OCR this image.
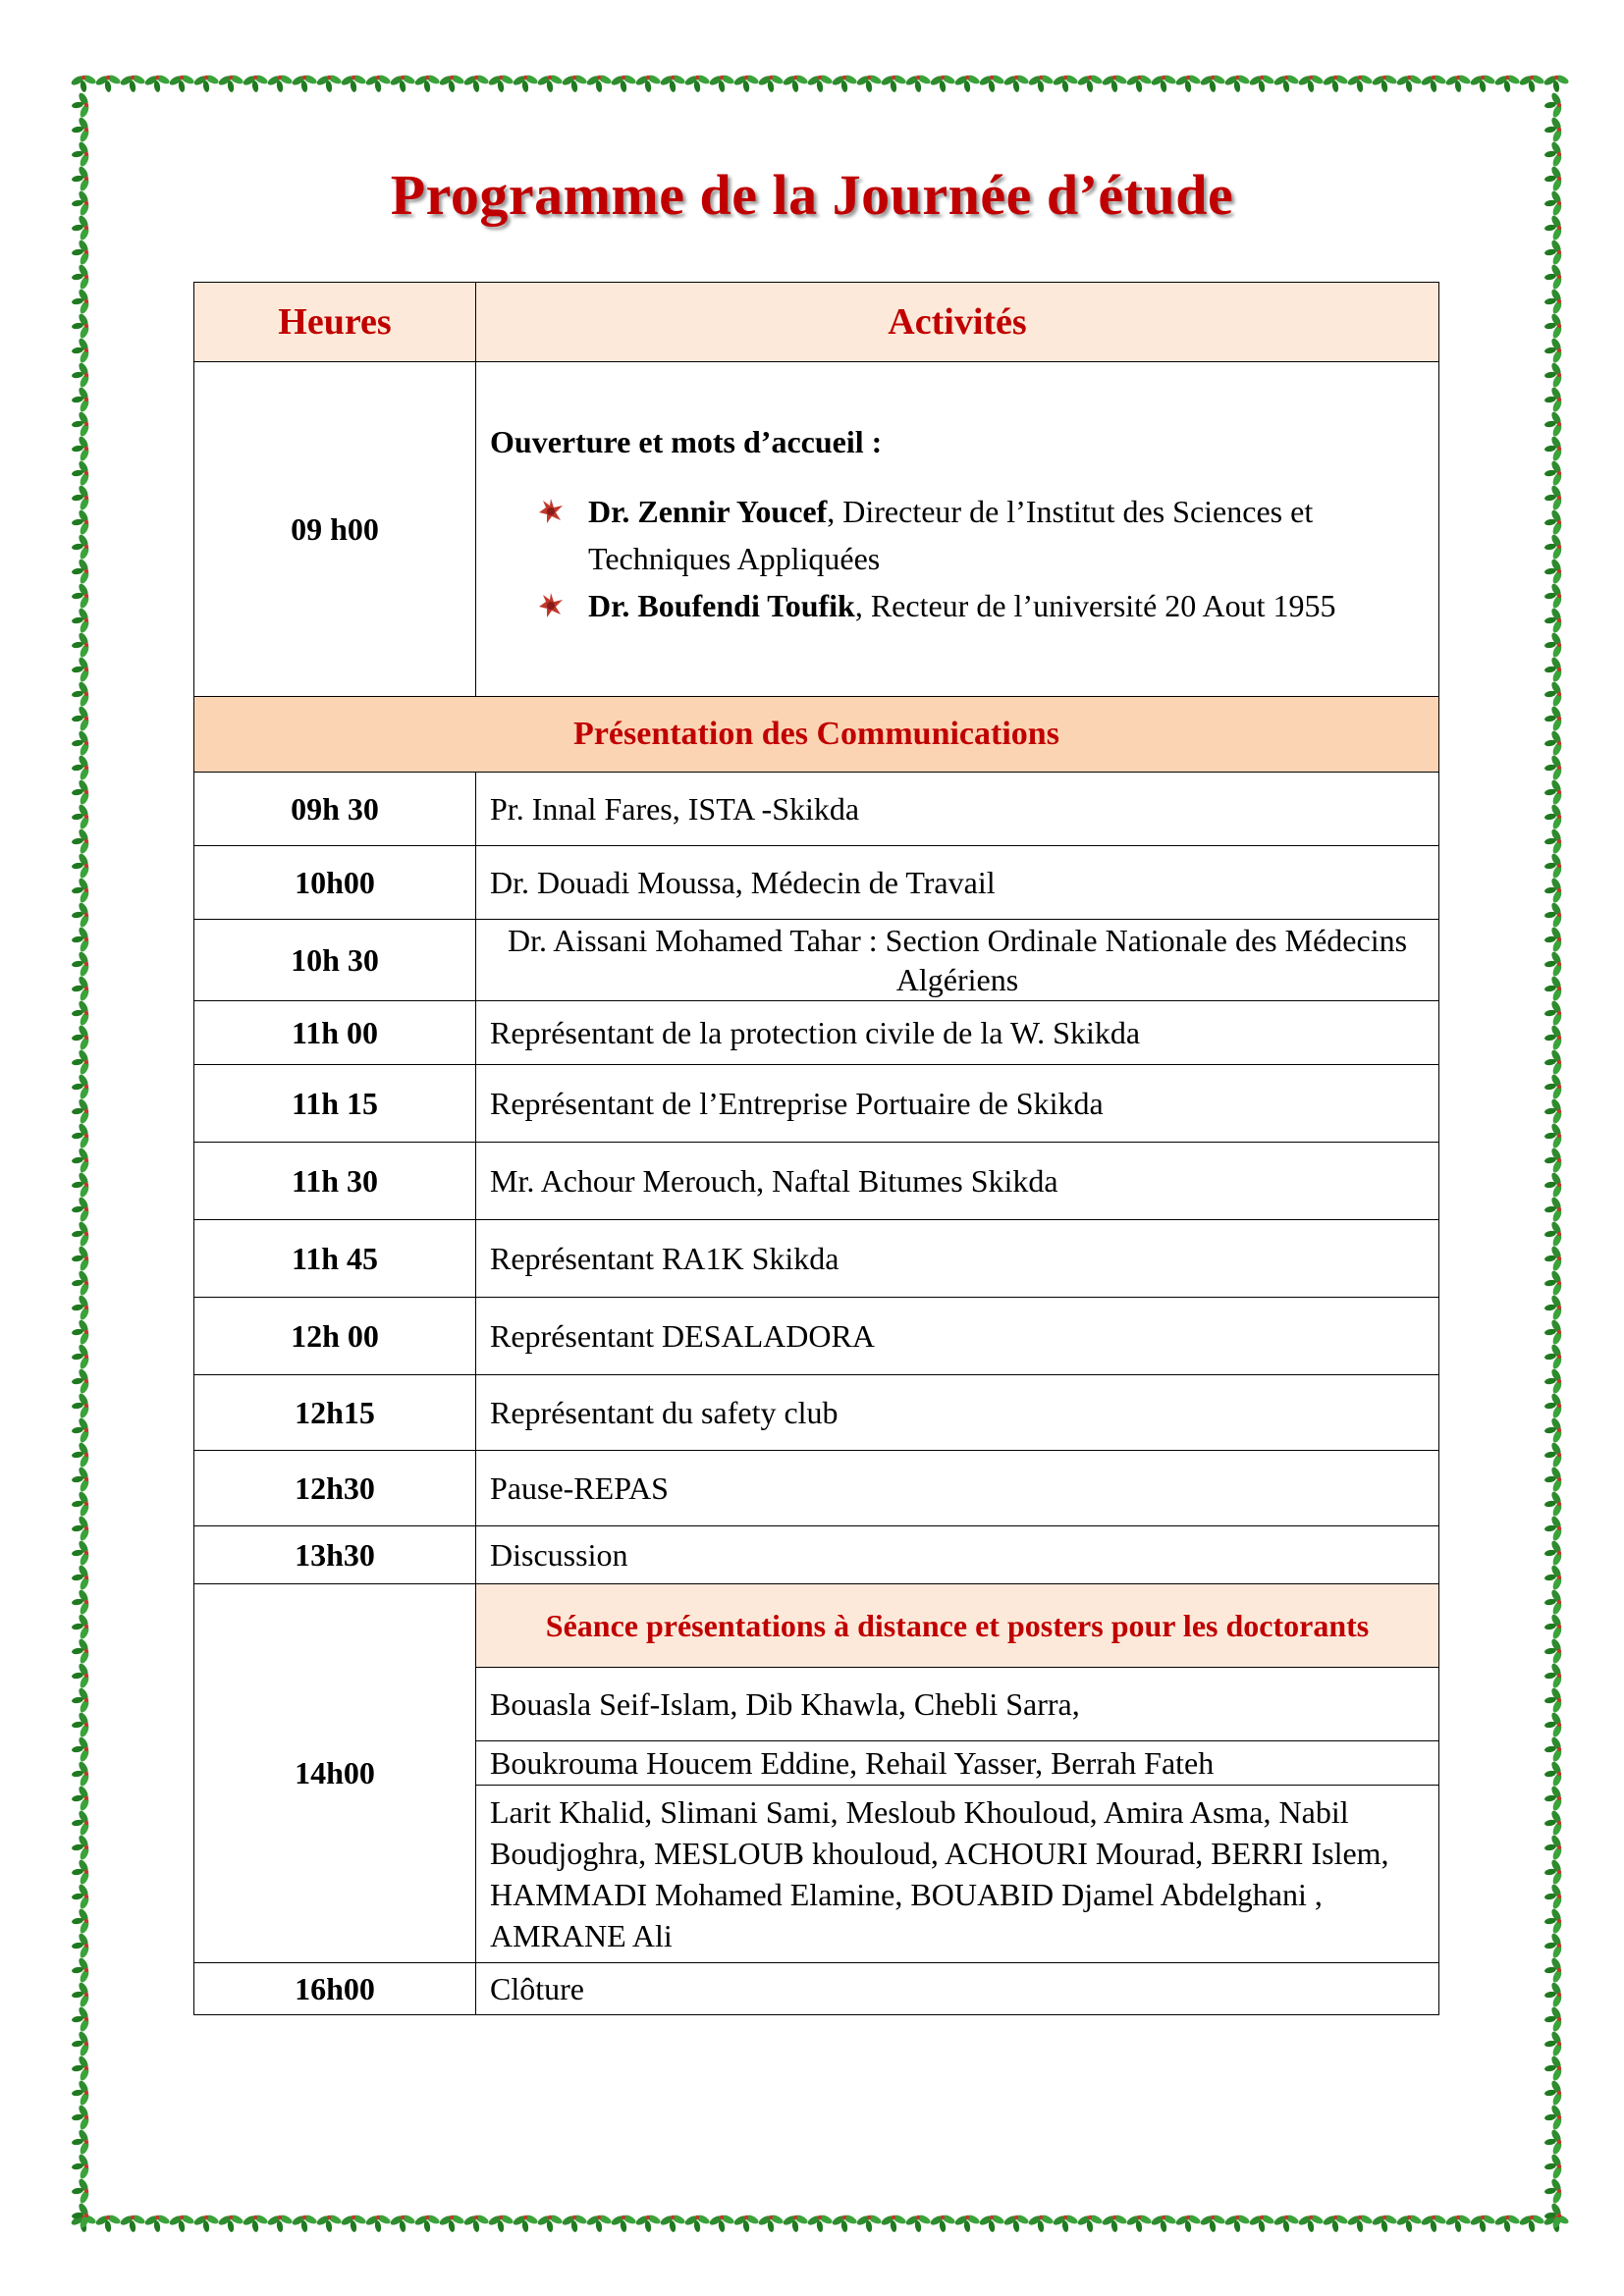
Programme de la Journée d’étude
Heures	Activités
09 h00	Ouverture et mots d’accueil :
Dr. Zennir Youcef, Directeur de l’Institut des Sciences et Techniques Appliquées
Dr. Boufendi Toufik, Recteur de l’université 20 Aout 1955

Présentation des Communications	
09h 30	Pr. Innal Fares, ISTA -Skikda
10h00	Dr. Douadi Moussa, Médecin de Travail
10h 30	Dr. Aissani Mohamed Tahar : Section Ordinale Nationale des Médecins Algériens
11h 00	Représentant de la protection civile de la W. Skikda
11h 15	Représentant de l’Entreprise Portuaire de Skikda
11h 30	Mr. Achour Merouch, Naftal Bitumes Skikda
11h 45	Représentant RA1K Skikda
12h 00	Représentant DESALADORA
12h15	Représentant du safety club
12h30	Pause-REPAS
13h30	Discussion
14h00	Séance présentations à distance et posters pour les doctorants
	Bouasla Seif-Islam, Dib Khawla, Chebli Sarra,
	Boukrouma Houcem Eddine, Rehail Yasser, Berrah Fateh
	Larit Khalid, Slimani Sami, Mesloub Khouloud, Amira Asma, Nabil Boudjoghra, MESLOUB khouloud, ACHOURI Mourad, BERRI Islem, HAMMADI Mohamed Elamine, BOUABID Djamel Abdelghani , AMRANE Ali
16h00	Clôture
